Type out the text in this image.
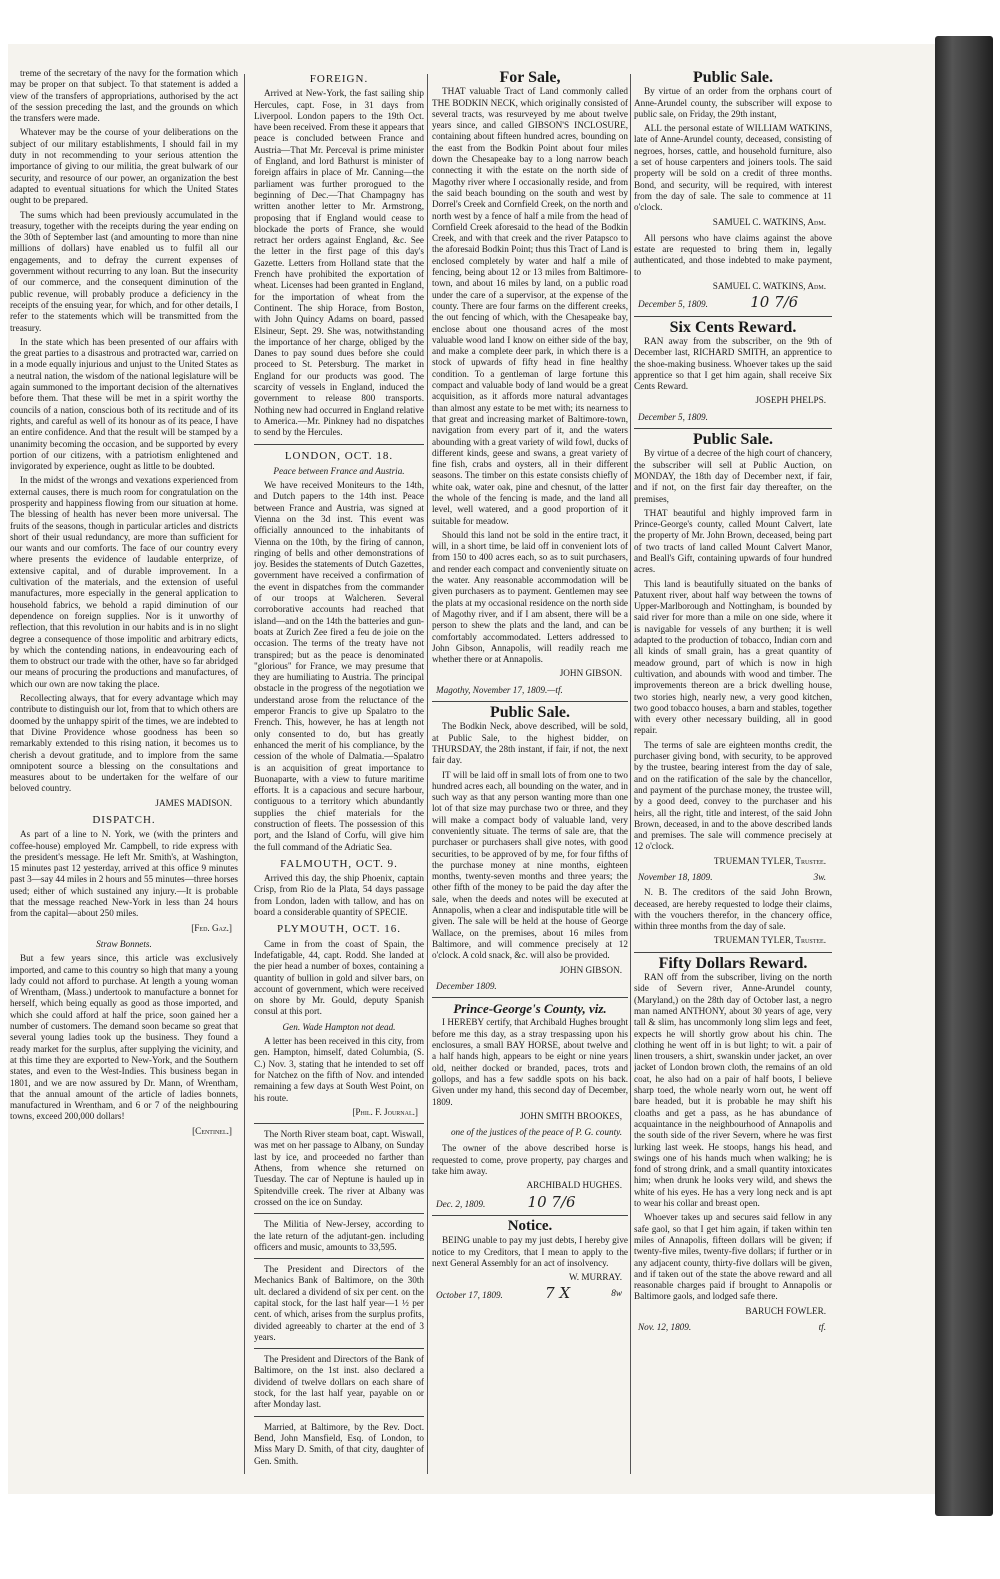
treme of the secretary of the navy for the formation which may be proper on that subject. To that statement is added a view of the transfers of appropriations, authorised by the act of the session preceding the last, and the grounds on which the transfers were made.

Whatever may be the course of your deliberations on the subject of our military establishments, I should fail in my duty in not recommending to your serious attention the importance of giving to our militia, the great bulwark of our security, and resource of our power, an organization the best adapted to eventual situations for which the United States ought to be prepared.

The sums which had been previously accumulated in the treasury, together with the receipts during the year ending on the 30th of September last (and amounting to more than nine millions of dollars) have enabled us to fulfil all our engagements, and to defray the current expenses of government without recurring to any loan. But the insecurity of our commerce, and the consequent diminution of the public revenue, will probably produce a deficiency in the receipts of the ensuing year, for which, and for other details, I refer to the statements which will be transmitted from the treasury.

In the state which has been presented of our affairs with the great parties to a disastrous and protracted war, carried on in a mode equally injurious and unjust to the United States as a neutral nation, the wisdom of the national legislature will be again summoned to the important decision of the alternatives before them. That these will be met in a spirit worthy the councils of a nation, conscious both of its rectitude and of its rights, and careful as well of its honour as of its peace, I have an entire confidence. And that the result will be stamped by a unanimity becoming the occasion, and be supported by every portion of our citizens, with a patriotism enlightened and invigorated by experience, ought as little to be doubted.

In the midst of the wrongs and vexations experienced from external causes, there is much room for congratulation on the prosperity and happiness flowing from our situation at home. The blessing of health has never been more universal. The fruits of the seasons, though in particular articles and districts short of their usual redundancy, are more than sufficient for our wants and our comforts. The face of our country every where presents the evidence of laudable enterprize, of extensive capital, and of durable improvement. In a cultivation of the materials, and the extension of useful manufactures, more especially in the general application to household fabrics, we behold a rapid diminution of our dependence on foreign supplies. Nor is it unworthy of reflection, that this revolution in our habits and is in no slight degree a consequence of those impolitic and arbitrary edicts, by which the contending nations, in endeavouring each of them to obstruct our trade with the other, have so far abridged our means of procuring the productions and manufactures, of which our own are now taking the place.

Recollecting always, that for every advantage which may contribute to distinguish our lot, from that to which others are doomed by the unhappy spirit of the times, we are indebted to that Divine Providence whose goodness has been so remarkably extended to this rising nation, it becomes us to cherish a devout gratitude, and to implore from the same omnipotent source a blessing on the consultations and measures about to be undertaken for the welfare of our beloved country.

JAMES MADISON.
DISPATCH.

As part of a line to N. York, we (with the printers and coffee-house) employed Mr. Campbell, to ride express with the president's message. He left Mr. Smith's, at Washington, 15 minutes past 12 yesterday, arrived at this office 9 minutes past 3—say 44 miles in 2 hours and 55 minutes—three horses used; either of which sustained any injury.—It is probable that the message reached New-York in less than 24 hours from the capital—about 250 miles.

[Fed. Gaz.]
Straw Bonnets.

But a few years since, this article was exclusively imported, and came to this country so high that many a young lady could not afford to purchase. At length a young woman of Wrentham, (Mass.) undertook to manufacture a bonnet for herself, which being equally as good as those imported, and which she could afford at half the price, soon gained her a number of customers. The demand soon became so great that several young ladies took up the business. They found a ready market for the surplus, after supplying the vicinity, and at this time they are exported to New-York, and the Southern states, and even to the West-Indies. This business began in 1801, and we are now assured by Dr. Mann, of Wrentham, that the annual amount of the article of ladies bonnets, manufactured in Wrentham, and 6 or 7 of the neighbouring towns, exceed 200,000 dollars!

[Centinel.]
FOREIGN.

Arrived at New-York, the fast sailing ship Hercules, capt. Fose, in 31 days from Liverpool. London papers to the 19th Oct. have been received. From these it appears that peace is concluded between France and Austria—That Mr. Perceval is prime minister of England, and lord Bathurst is minister of foreign affairs in place of Mr. Canning—the parliament was further prorogued to the beginning of Dec.—That Champagny has written another letter to Mr. Armstrong, proposing that if England would cease to blockade the ports of France, she would retract her orders against England, &c. See the letter in the first page of this day's Gazette. Letters from Holland state that the French have prohibited the exportation of wheat. Licenses had been granted in England, for the importation of wheat from the Continent. The ship Horace, from Boston, with John Quincy Adams on board, passed Elsineur, Sept. 29. She was, notwithstanding the importance of her charge, obliged by the Danes to pay sound dues before she could proceed to St. Petersburg. The market in England for our products was good. The scarcity of vessels in England, induced the government to release 800 transports. Nothing new had occurred in England relative to America.—Mr. Pinkney had no dispatches to send by the Hercules.

LONDON, OCT. 18.
Peace between France and Austria.

We have received Moniteurs to the 14th, and Dutch papers to the 14th inst. Peace between France and Austria, was signed at Vienna on the 3d inst. This event was officially announced to the inhabitants of Vienna on the 10th, by the firing of cannon, ringing of bells and other demonstrations of joy. Besides the statements of Dutch Gazettes, government have received a confirmation of the event in dispatches from the commander of our troops at Walcheren. Several corroborative accounts had reached that island—and on the 14th the batteries and gun-boats at Zurich Zee fired a feu de joie on the occasion. The terms of the treaty have not transpired; but as the peace is denominated "glorious" for France, we may presume that they are humiliating to Austria. The principal obstacle in the progress of the negotiation we understand arose from the reluctance of the emperor Francis to give up Spalatro to the French. This, however, he has at length not only consented to do, but has greatly enhanced the merit of his compliance, by the cession of the whole of Dalmatia.—Spalatro is an acquisition of great importance to Buonaparte, with a view to future maritime efforts. It is a capacious and secure harbour, contiguous to a territory which abundantly supplies the chief materials for the construction of fleets. The possession of this port, and the Island of Corfu, will give him the full command of the Adriatic Sea.

FALMOUTH, OCT. 9.

Arrived this day, the ship Phoenix, captain Crisp, from Rio de la Plata, 54 days passage from London, laden with tallow, and has on board a considerable quantity of SPECIE.

PLYMOUTH, OCT. 16.

Came in from the coast of Spain, the Indefatigable, 44, capt. Rodd. She landed at the pier head a number of boxes, containing a quantity of bullion in gold and silver bars, on account of government, which were received on shore by Mr. Gould, deputy Spanish consul at this port.

Gen. Wade Hampton not dead.

A letter has been received in this city, from gen. Hampton, himself, dated Columbia, (S. C.) Nov. 3, stating that he intended to set off for Natchez on the fifth of Nov. and intended remaining a few days at South West Point, on his route.

[Phil. F. Journal.]

The North River steam boat, capt. Wiswall, was met on her passage to Albany, on Sunday last by ice, and proceeded no farther than Athens, from whence she returned on Tuesday. The car of Neptune is hauled up in Spitendville creek. The river at Albany was crossed on the ice on Sunday.

The Militia of New-Jersey, according to the late return of the adjutant-gen. including officers and music, amounts to 33,595.

The President and Directors of the Mechanics Bank of Baltimore, on the 30th ult. declared a dividend of six per cent. on the capital stock, for the last half year—1 ½ per cent. of which, arises from the surplus profits, divided agreeably to charter at the end of 3 years.

The President and Directors of the Bank of Baltimore, on the 1st inst. also declared a dividend of twelve dollars on each share of stock, for the last half year, payable on or after Monday last.

Married, at Baltimore, by the Rev. Doct. Bend, John Mansfield, Esq. of London, to Miss Mary D. Smith, of that city, daughter of Gen. Smith.

For Sale,

THAT valuable Tract of Land commonly called THE BODKIN NECK, which originally consisted of several tracts, was resurveyed by me about twelve years since, and called GIBSON'S INCLOSURE, containing about fifteen hundred acres, bounding on the east from the Bodkin Point about four miles down the Chesapeake bay to a long narrow beach connecting it with the estate on the north side of Magothy river where I occasionally reside, and from the said beach bounding on the south and west by Dorrel's Creek and Cornfield Creek, on the north and north west by a fence of half a mile from the head of Cornfield Creek aforesaid to the head of the Bodkin Creek, and with that creek and the river Patapsco to the aforesaid Bodkin Point; thus this Tract of Land is enclosed completely by water and half a mile of fencing, being about 12 or 13 miles from Baltimore-town, and about 16 miles by land, on a public road under the care of a supervisor, at the expense of the county. There are four farms on the different creeks, the out fencing of which, with the Chesapeake bay, enclose about one thousand acres of the most valuable wood land I know on either side of the bay, and make a complete deer park, in which there is a stock of upwards of fifty head in fine healthy condition. To a gentleman of large fortune this compact and valuable body of land would be a great acquisition, as it affords more natural advantages than almost any estate to be met with; its nearness to that great and increasing market of Baltimore-town, navigation from every part of it, and the waters abounding with a great variety of wild fowl, ducks of different kinds, geese and swans, a great variety of fine fish, crabs and oysters, all in their different seasons. The timber on this estate consists chiefly of white oak, water oak, pine and chesnut, of the latter the whole of the fencing is made, and the land all level, well watered, and a good proportion of it suitable for meadow.

Should this land not be sold in the entire tract, it will, in a short time, be laid off in convenient lots of from 150 to 400 acres each, so as to suit purchasers, and render each compact and conveniently situate on the water. Any reasonable accommodation will be given purchasers as to payment. Gentlemen may see the plats at my occasional residence on the north side of Magothy river, and if I am absent, there will be a person to shew the plats and the land, and can be comfortably accommodated. Letters addressed to John Gibson, Annapolis, will readily reach me whether there or at Annapolis.

JOHN GIBSON.
Magothy, November 17, 1809.—tf.
Public Sale.

The Bodkin Neck, above described, will be sold, at Public Sale, to the highest bidder, on THURSDAY, the 28th instant, if fair, if not, the next fair day.

IT will be laid off in small lots of from one to two hundred acres each, all bounding on the water, and in such way as that any person wanting more than one lot of that size may purchase two or three, and they will make a compact body of valuable land, very conveniently situate. The terms of sale are, that the purchaser or purchasers shall give notes, with good securities, to be approved of by me, for four fifths of the purchase money at nine months, eighteen months, twenty-seven months and three years; the other fifth of the money to be paid the day after the sale, when the deeds and notes will be executed at Annapolis, when a clear and indisputable title will be given. The sale will be held at the house of George Wallace, on the premises, about 16 miles from Baltimore, and will commence precisely at 12 o'clock. A cold snack, &c. will also be provided.

JOHN GIBSON.
December 1809.
Prince-George's County, viz.

I HEREBY certify, that Archibald Hughes brought before me this day, as a stray trespassing upon his enclosures, a small BAY HORSE, about twelve and a half hands high, appears to be eight or nine years old, neither docked or branded, paces, trots and gollops, and has a few saddle spots on his back. Given under my hand, this second day of December, 1809.

JOHN SMITH BROOKES,
one of the justices of the peace of P. G. county.

The owner of the above described horse is requested to come, prove property, pay charges and take him away.

ARCHIBALD HUGHES.
Dec. 2, 1809.	10 7/6
Notice.

BEING unable to pay my just debts, I hereby give notice to my Creditors, that I mean to apply to the next General Assembly for an act of insolvency.

W. MURRAY.
October 17, 1809.	7 X	8w
Public Sale.

By virtue of an order from the orphans court of Anne-Arundel county, the subscriber will expose to public sale, on Friday, the 29th instant,

ALL the personal estate of WILLIAM WATKINS, late of Anne-Arundel county, deceased, consisting of negroes, horses, cattle, and household furniture, also a set of house carpenters and joiners tools. The said property will be sold on a credit of three months. Bond, and security, will be required, with interest from the day of sale. The sale to commence at 11 o'clock.

SAMUEL C. WATKINS, Adm.

All persons who have claims against the above estate are requested to bring them in, legally authenticated, and those indebted to make payment, to

SAMUEL C. WATKINS, Adm.
December 5, 1809.	10 7/6
Six Cents Reward.

RAN away from the subscriber, on the 9th of December last, RICHARD SMITH, an apprentice to the shoe-making business. Whoever takes up the said apprentice so that I get him again, shall receive Six Cents Reward.

JOSEPH PHELPS.
December 5, 1809.
Public Sale.

By virtue of a decree of the high court of chancery, the subscriber will sell at Public Auction, on MONDAY, the 18th day of December next, if fair, and if not, on the first fair day thereafter, on the premises,

THAT beautiful and highly improved farm in Prince-George's county, called Mount Calvert, late the property of Mr. John Brown, deceased, being part of two tracts of land called Mount Calvert Manor, and Beall's Gift, containing upwards of four hundred acres.

This land is beautifully situated on the banks of Patuxent river, about half way between the towns of Upper-Marlborough and Nottingham, is bounded by said river for more than a mile on one side, where it is navigable for vessels of any burthen; it is well adapted to the production of tobacco, Indian corn and all kinds of small grain, has a great quantity of meadow ground, part of which is now in high cultivation, and abounds with wood and timber. The improvements thereon are a brick dwelling house, two stories high, nearly new, a very good kitchen, two good tobacco houses, a barn and stables, together with every other necessary building, all in good repair.

The terms of sale are eighteen months credit, the purchaser giving bond, with security, to be approved by the trustee, bearing interest from the day of sale, and on the ratification of the sale by the chancellor, and payment of the purchase money, the trustee will, by a good deed, convey to the purchaser and his heirs, all the right, title and interest, of the said John Brown, deceased, in and to the above described lands and premises. The sale will commence precisely at 12 o'clock.

TRUEMAN TYLER, Trustee.
November 18, 1809.	3w.

N. B. The creditors of the said John Brown, deceased, are hereby requested to lodge their claims, with the vouchers therefor, in the chancery office, within three months from the day of sale.

TRUEMAN TYLER, Trustee.
Fifty Dollars Reward.

RAN off from the subscriber, living on the north side of Severn river, Anne-Arundel county, (Maryland,) on the 28th day of October last, a negro man named ANTHONY, about 30 years of age, very tall & slim, has uncommonly long slim legs and feet, expects he will shortly grow about his chin. The clothing he went off in is but light; to wit. a pair of linen trousers, a shirt, swanskin under jacket, an over jacket of London brown cloth, the remains of an old coat, he also had on a pair of half boots, I believe sharp toed, the whole nearly worn out, he went off bare headed, but it is probable he may shift his cloaths and get a pass, as he has abundance of acquaintance in the neighbourhood of Annapolis and the south side of the river Severn, where he was first lurking last week. He stoops, hangs his head, and swings one of his hands much when walking; he is fond of strong drink, and a small quantity intoxicates him; when drunk he looks very wild, and shews the white of his eyes. He has a very long neck and is apt to wear his collar and breast open.

Whoever takes up and secures said fellow in any safe gaol, so that I get him again, if taken within ten miles of Annapolis, fifteen dollars will be given; if twenty-five miles, twenty-five dollars; if further or in any adjacent county, thirty-five dollars will be given, and if taken out of the state the above reward and all reasonable charges paid if brought to Annapolis or Baltimore gaols, and lodged safe there.

BARUCH FOWLER.
Nov. 12, 1809.	tf.
